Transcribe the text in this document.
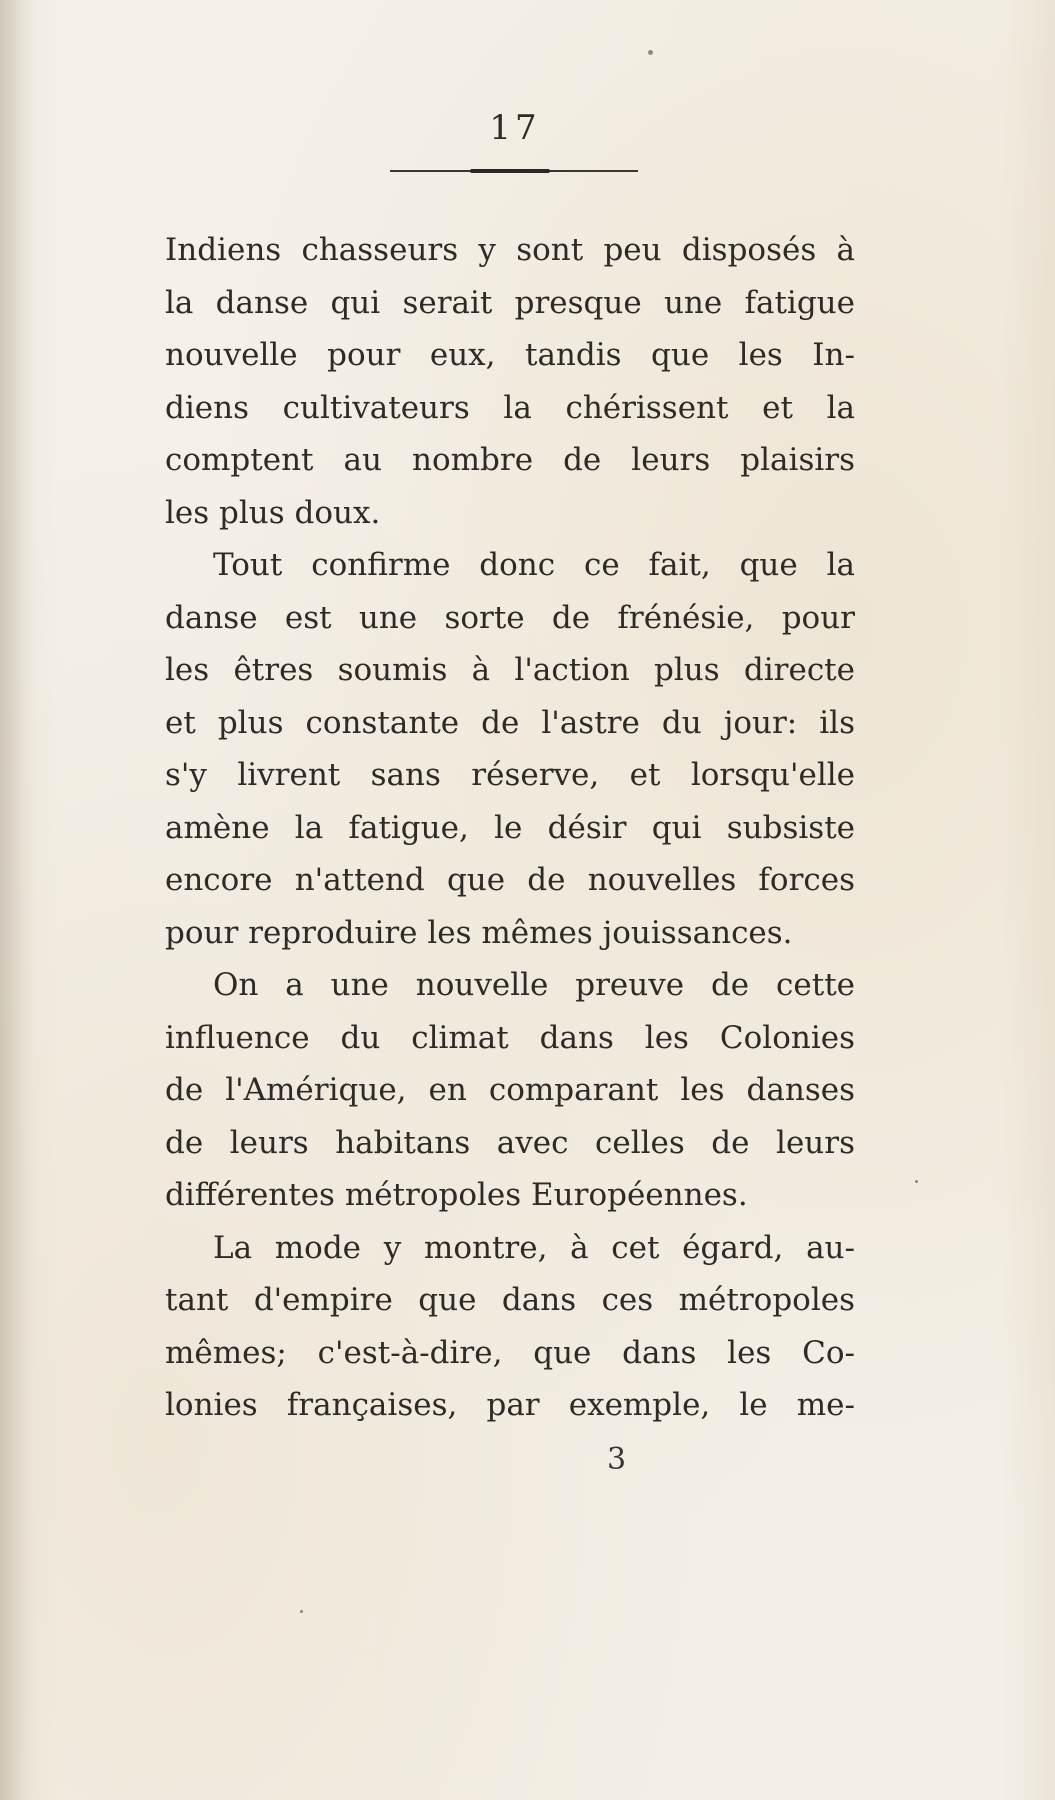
17
Indiens chasseurs y sont peu disposés à
la danse qui serait presque une fatigue
nouvelle pour eux, tandis que les In-
diens cultivateurs la chérissent et la
comptent au nombre de leurs plaisirs
les plus doux.
Tout confirme donc ce fait, que la
danse est une sorte de frénésie, pour
les êtres soumis à l'action plus directe
et plus constante de l'astre du jour: ils
s'y livrent sans réserve, et lorsqu'elle
amène la fatigue, le désir qui subsiste
encore n'attend que de nouvelles forces
pour reproduire les mêmes jouissances.
On a une nouvelle preuve de cette
influence du climat dans les Colonies
de l'Amérique, en comparant les danses
de leurs habitans avec celles de leurs
différentes métropoles Européennes.
La mode y montre, à cet égard, au-
tant d'empire que dans ces métropoles
mêmes; c'est-à-dire, que dans les Co-
lonies françaises, par exemple, le me-
3
